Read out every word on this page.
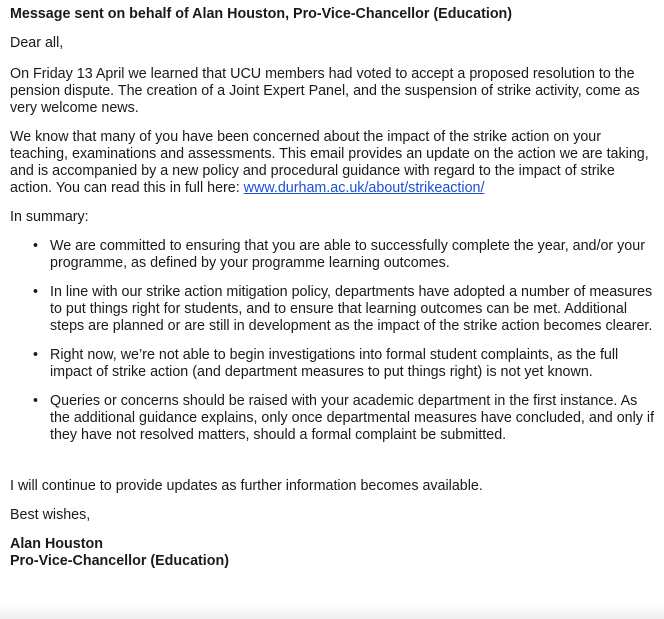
Message sent on behalf of Alan Houston, Pro-Vice-Chancellor (Education)

Dear all,

On Friday 13 April we learned that UCU members had voted to accept a proposed resolution to the pension dispute. The creation of a Joint Expert Panel, and the suspension of strike activity, come as very welcome news.

We know that many of you have been concerned about the impact of the strike action on your teaching, examinations and assessments. This email provides an update on the action we are taking, and is accompanied by a new policy and procedural guidance with regard to the impact of strike action. You can read this in full here: www.durham.ac.uk/about/strikeaction/

In summary:

• We are committed to ensuring that you are able to successfully complete the year, and/or your programme, as defined by your programme learning outcomes.
• In line with our strike action mitigation policy, departments have adopted a number of measures to put things right for students, and to ensure that learning outcomes can be met. Additional steps are planned or are still in development as the impact of the strike action becomes clearer.
• Right now, we’re not able to begin investigations into formal student complaints, as the full impact of strike action (and department measures to put things right) is not yet known.
• Queries or concerns should be raised with your academic department in the first instance. As the additional guidance explains, only once departmental measures have concluded, and only if they have not resolved matters, should a formal complaint be submitted.

I will continue to provide updates as further information becomes available.

Best wishes,

Alan Houston

Pro-Vice-Chancellor (Education)
